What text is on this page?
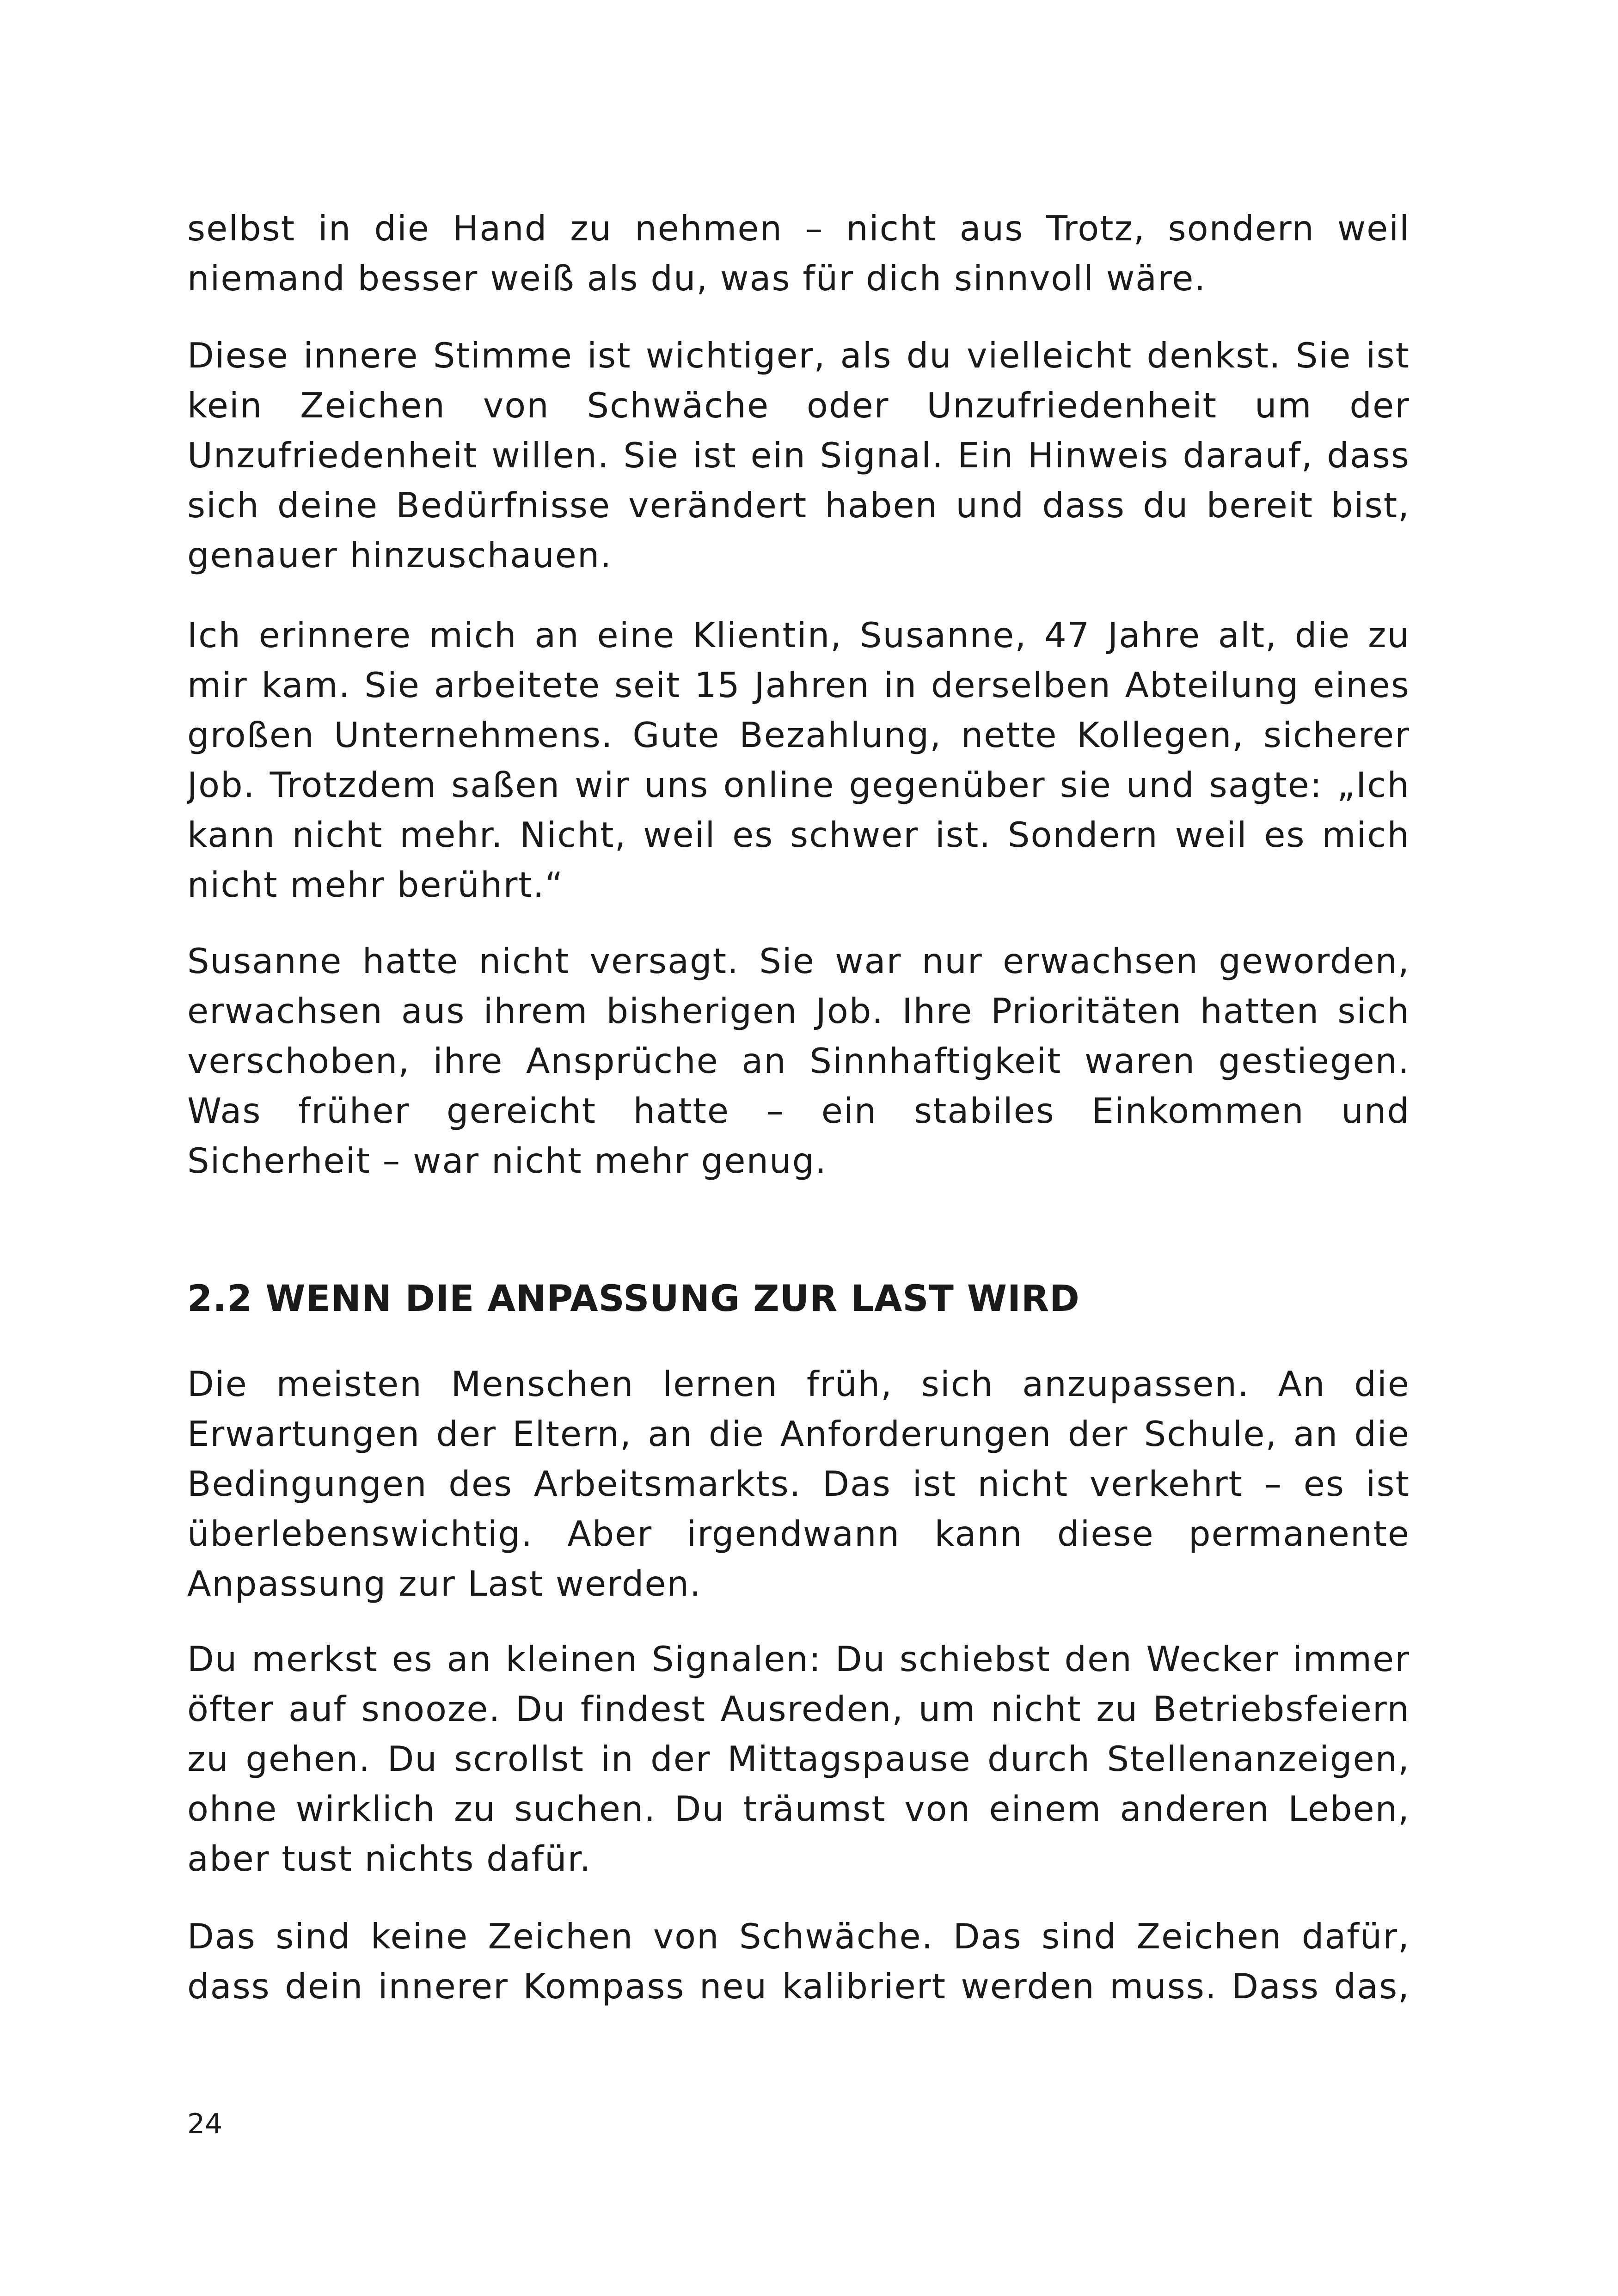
selbst in die Hand zu nehmen – nicht aus Trotz, sondern weil
niemand besser weiß als du, was für dich sinnvoll wäre.
Diese innere Stimme ist wichtiger, als du vielleicht denkst. Sie ist
kein Zeichen von Schwäche oder Unzufriedenheit um der
Unzufriedenheit willen. Sie ist ein Signal. Ein Hinweis darauf, dass
sich deine Bedürfnisse verändert haben und dass du bereit bist,
genauer hinzuschauen.
Ich erinnere mich an eine Klientin, Susanne, 47 Jahre alt, die zu
mir kam. Sie arbeitete seit 15 Jahren in derselben Abteilung eines
großen Unternehmens. Gute Bezahlung, nette Kollegen, sicherer
Job. Trotzdem saßen wir uns online gegenüber sie und sagte: „Ich
kann nicht mehr. Nicht, weil es schwer ist. Sondern weil es mich
nicht mehr berührt.“
Susanne hatte nicht versagt. Sie war nur erwachsen geworden,
erwachsen aus ihrem bisherigen Job. Ihre Prioritäten hatten sich
verschoben, ihre Ansprüche an Sinnhaftigkeit waren gestiegen.
Was früher gereicht hatte – ein stabiles Einkommen und
Sicherheit – war nicht mehr genug.
2.2 WENN DIE ANPASSUNG ZUR LAST WIRD
Die meisten Menschen lernen früh, sich anzupassen. An die
Erwartungen der Eltern, an die Anforderungen der Schule, an die
Bedingungen des Arbeitsmarkts. Das ist nicht verkehrt – es ist
überlebenswichtig. Aber irgendwann kann diese permanente
Anpassung zur Last werden.
Du merkst es an kleinen Signalen: Du schiebst den Wecker immer
öfter auf snooze. Du findest Ausreden, um nicht zu Betriebsfeiern
zu gehen. Du scrollst in der Mittagspause durch Stellenanzeigen,
ohne wirklich zu suchen. Du träumst von einem anderen Leben,
aber tust nichts dafür.
Das sind keine Zeichen von Schwäche. Das sind Zeichen dafür,
dass dein innerer Kompass neu kalibriert werden muss. Dass das,
24
